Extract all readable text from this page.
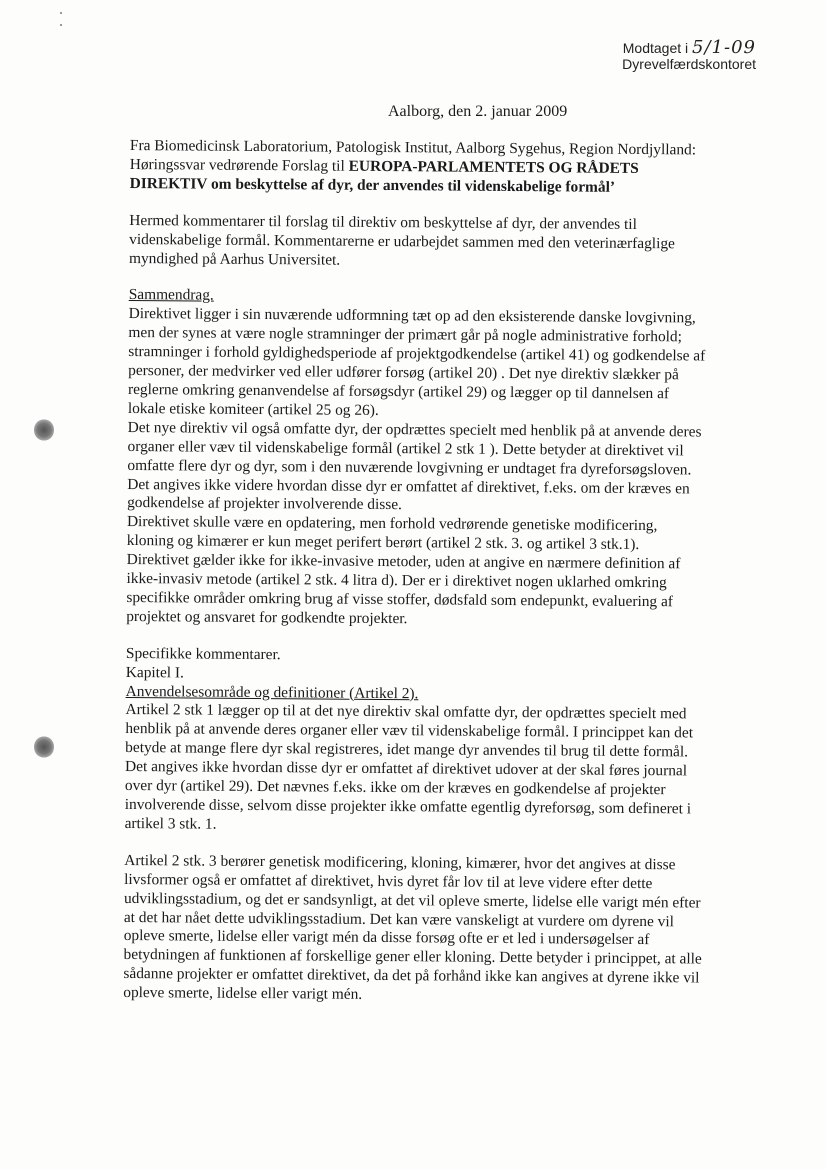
Modtaget i 5/1-09
Dyrevelfærdskontoret
Aalborg, den 2. januar 2009

Fra Biomedicinsk Laboratorium, Patologisk Institut, Aalborg Sygehus, Region Nordjylland:

Høringssvar vedrørende Forslag til EUROPA-PARLAMENTETS OG RÅDETS DIREKTIV om beskyttelse af dyr, der anvendes til videnskabelige formål’

Hermed kommentarer til forslag til direktiv om beskyttelse af dyr, der anvendes til videnskabelige formål. Kommentarerne er udarbejdet sammen med den veterinærfaglige myndighed på Aarhus Universitet.

Sammendrag.

Direktivet ligger i sin nuværende udformning tæt op ad den eksisterende danske lovgivning, men der synes at være nogle stramninger der primært går på nogle administrative forhold; stramninger i forhold gyldighedsperiode af projektgodkendelse (artikel 41) og godkendelse af personer, der medvirker ved eller udfører forsøg (artikel 20) . Det nye direktiv slækker på reglerne omkring genanvendelse af forsøgsdyr (artikel 29) og lægger op til dannelsen af lokale etiske komiteer (artikel 25 og 26).

Det nye direktiv vil også omfatte dyr, der opdrættes specielt med henblik på at anvende deres organer eller væv til videnskabelige formål (artikel 2 stk 1 ). Dette betyder at direktivet vil omfatte flere dyr og dyr, som i den nuværende lovgivning er undtaget fra dyreforsøgsloven. Det angives ikke videre hvordan disse dyr er omfattet af direktivet, f.eks. om der kræves en godkendelse af projekter involverende disse.

Direktivet skulle være en opdatering, men forhold vedrørende genetiske modificering, kloning og kimærer er kun meget perifert berørt (artikel 2 stk. 3. og artikel 3 stk.1).

Direktivet gælder ikke for ikke-invasive metoder, uden at angive en nærmere definition af ikke-invasiv metode (artikel 2 stk. 4 litra d). Der er i direktivet nogen uklarhed omkring specifikke områder omkring brug af visse stoffer, dødsfald som endepunkt, evaluering af projektet og ansvaret for godkendte projekter.

Specifikke kommentarer.

Kapitel I.

Anvendelsesområde og definitioner (Artikel 2).

Artikel 2 stk 1 lægger op til at det nye direktiv skal omfatte dyr, der opdrættes specielt med henblik på at anvende deres organer eller væv til videnskabelige formål. I princippet kan det betyde at mange flere dyr skal registreres, idet mange dyr anvendes til brug til dette formål. Det angives ikke hvordan disse dyr er omfattet af direktivet udover at der skal føres journal over dyr (artikel 29). Det nævnes f.eks. ikke om der kræves en godkendelse af projekter involverende disse, selvom disse projekter ikke omfatte egentlig dyreforsøg, som defineret i artikel 3 stk. 1.

Artikel 2 stk. 3 berører genetisk modificering, kloning, kimærer, hvor det angives at disse livsformer også er omfattet af direktivet, hvis dyret får lov til at leve videre efter dette udviklingsstadium, og det er sandsynligt, at det vil opleve smerte, lidelse elle varigt mén efter at det har nået dette udviklingsstadium. Det kan være vanskeligt at vurdere om dyrene vil opleve smerte, lidelse eller varigt mén da disse forsøg ofte er et led i undersøgelser af betydningen af funktionen af forskellige gener eller kloning. Dette betyder i princippet, at alle sådanne projekter er omfattet direktivet, da det på forhånd ikke kan angives at dyrene ikke vil opleve smerte, lidelse eller varigt mén.
